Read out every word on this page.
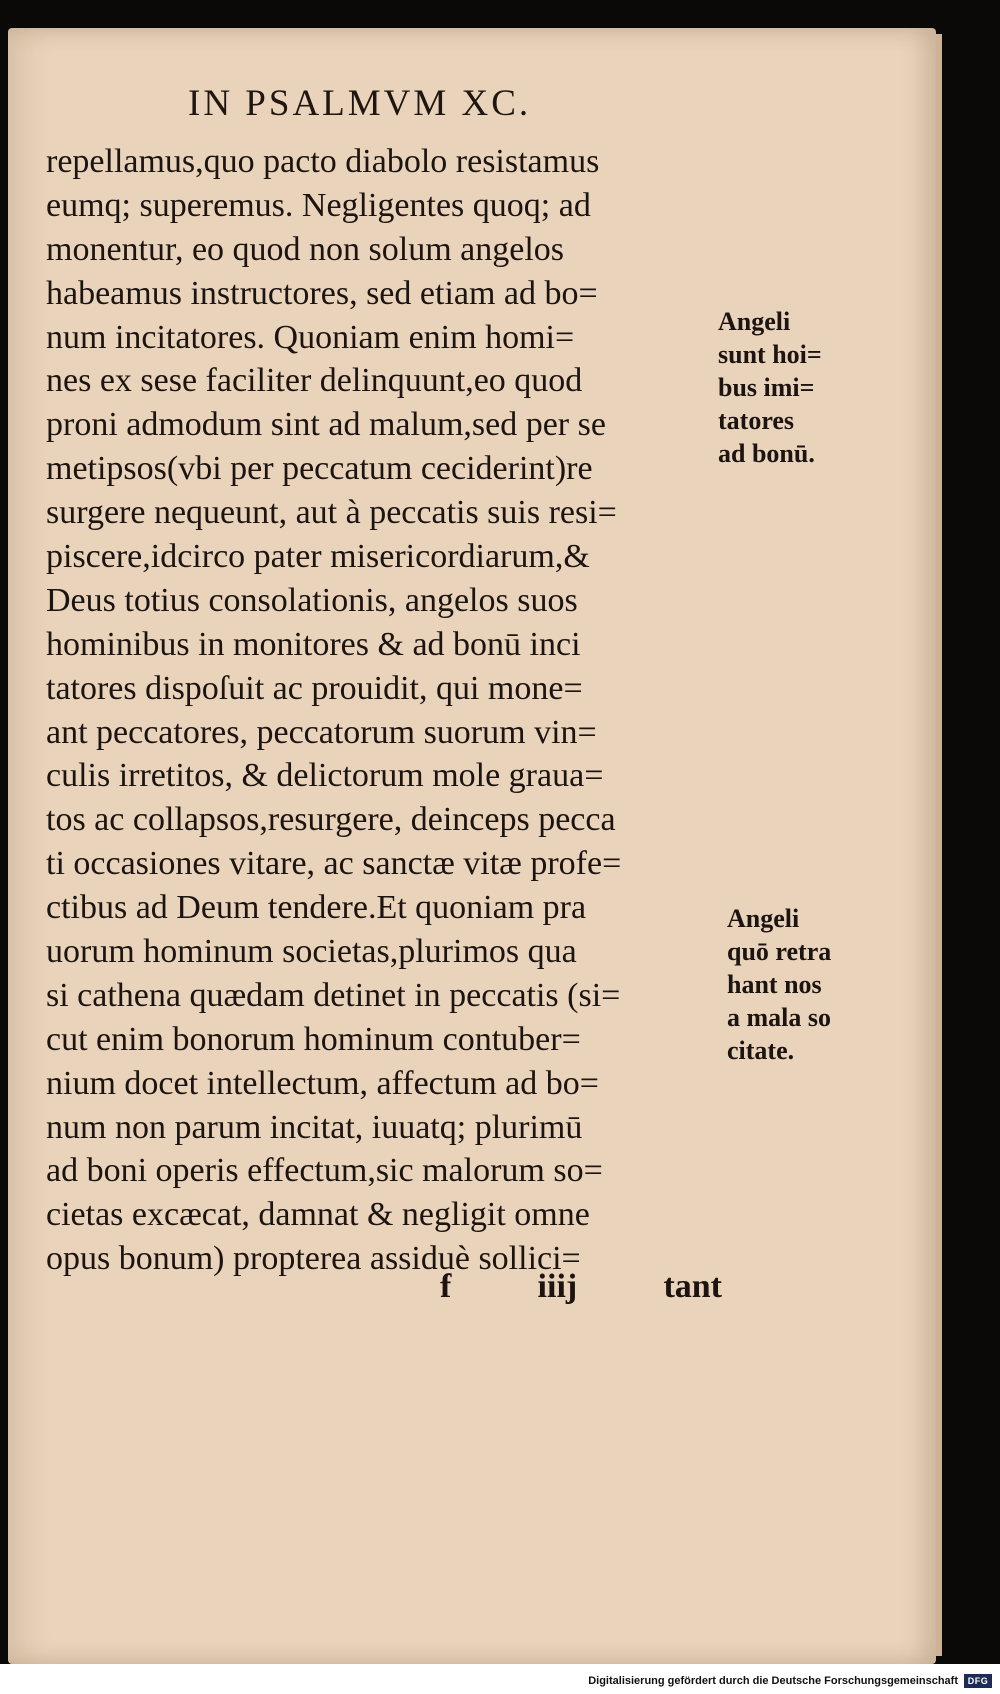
IN PSALMVM XC.
repellamus,quo pacto diabolo resistamus
eumq; superemus. Negligentes quoq; ad
monentur, eo quod non solum angelos
habeamus instructores, sed etiam ad bo=
num incitatores. Quoniam enim homi=
nes ex sese faciliter delinquunt,eo quod
proni admodum sint ad malum,sed per se
metipsos(vbi per peccatum ceciderint)re
surgere nequeunt, aut à peccatis suis resi=
piscere,idcirco pater misericordiarum,&
Deus totius consolationis, angelos suos
hominibus in monitores & ad bonū inci
tatores dispoſuit ac prouidit, qui mone=
ant peccatores, peccatorum suorum vin=
culis irretitos, & delictorum mole graua=
tos ac collapsos,resurgere, deinceps pecca
ti occasiones vitare, ac sanctæ vitæ profe=
ctibus ad Deum tendere.Et quoniam pra
uorum hominum societas,plurimos qua
si cathena quædam detinet in peccatis (si=
cut enim bonorum hominum contuber=
nium docet intellectum, affectum ad bo=
num non parum incitat, iuuatq; plurimū
ad boni operis effectum,sic malorum so=
cietas excæcat, damnat & negligit omne
opus bonum) propterea assiduè sollici=
Angeli
sunt hoi=
bus imi=
tatores
ad bonū.
Angeli
quō retra
hant nos
a mala so
citate.
f	iiij	tant
Digitalisierung gefördert durch die Deutsche Forschungsgemeinschaft	DFG
